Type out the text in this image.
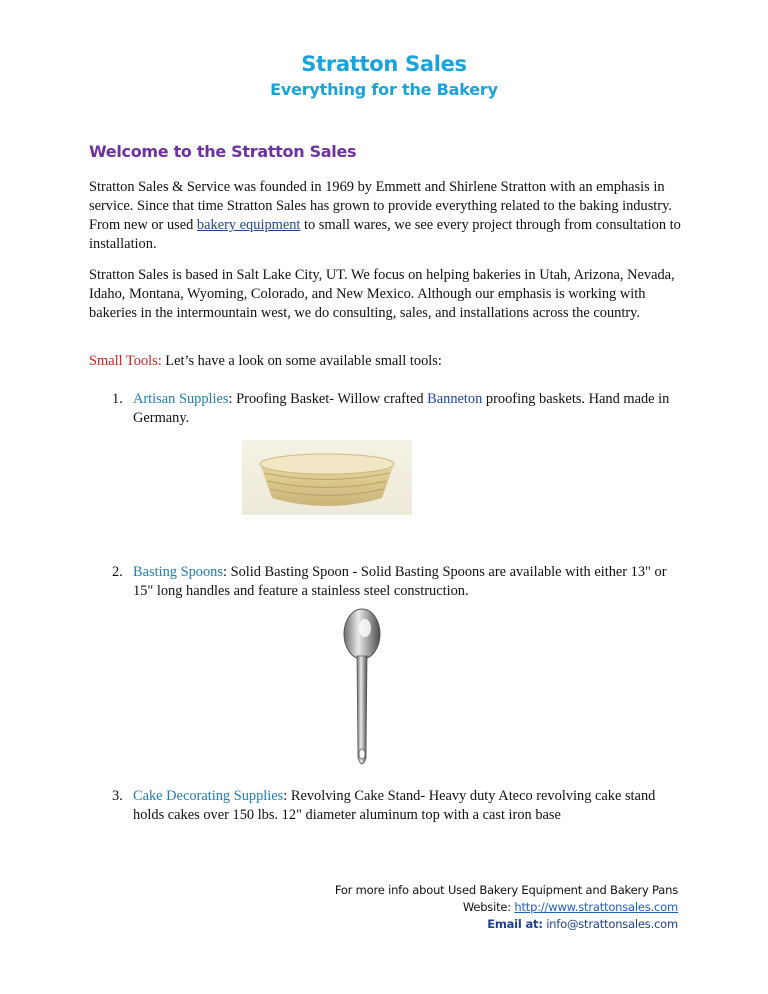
Stratton Sales
Everything for the Bakery
Welcome to the Stratton Sales

Stratton Sales & Service was founded in 1969 by Emmett and Shirlene Stratton with an emphasis in service. Since that time Stratton Sales has grown to provide everything related to the baking industry. From new or used bakery equipment to small wares, we see every project through from consultation to installation.

Stratton Sales is based in Salt Lake City, UT. We focus on helping bakeries in Utah, Arizona, Nevada, Idaho, Montana, Wyoming, Colorado, and New Mexico. Although our emphasis is working with bakeries in the intermountain west, we do consulting, sales, and installations across the country.

Small Tools: Let’s have a look on some available small tools:

1. Artisan Supplies: Proofing Basket- Willow crafted Banneton proofing baskets. Hand made in Germany.
2. Basting Spoons: Solid Basting Spoon - Solid Basting Spoons are available with either 13" or 15" long handles and feature a stainless steel construction.
3. Cake Decorating Supplies: Revolving Cake Stand- Heavy duty Ateco revolving cake stand holds cakes over 150 lbs. 12" diameter aluminum top with a cast iron base
For more info about Used Bakery Equipment and Bakery Pans
Website: http://www.strattonsales.com
Email at: info@strattonsales.com
